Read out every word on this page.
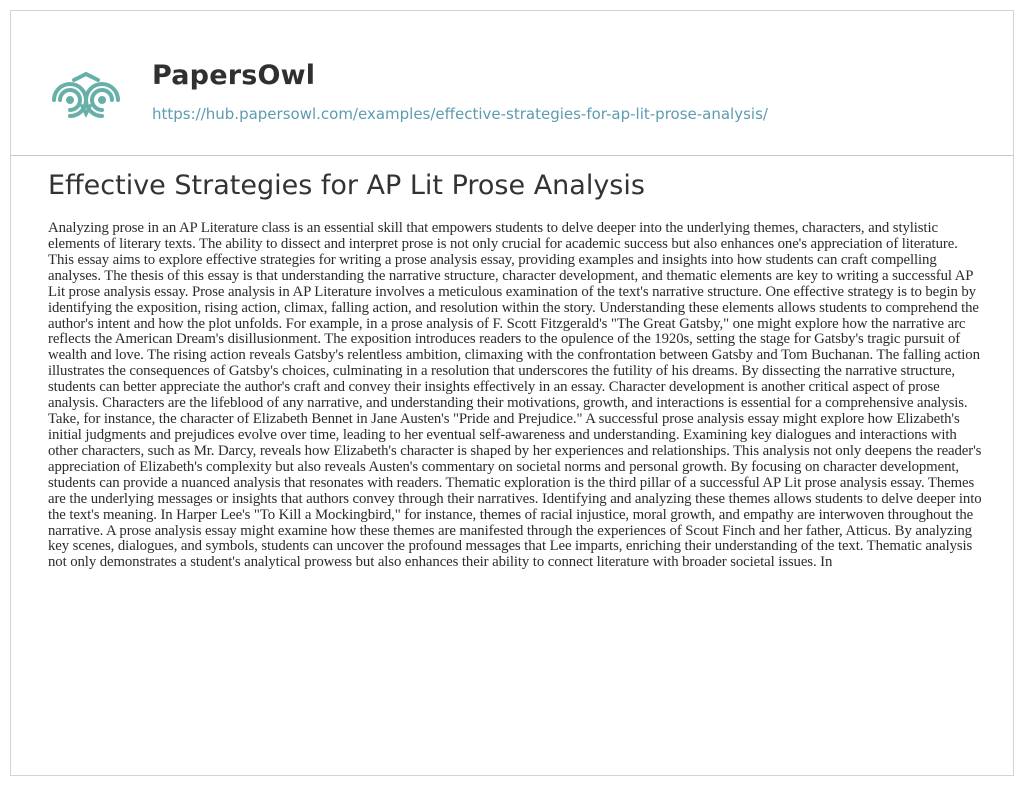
PapersOwl
https://hub.papersowl.com/examples/effective-strategies-for-ap-lit-prose-analysis/
Effective Strategies for AP Lit Prose Analysis

Analyzing prose in an AP Literature class is an essential skill that empowers students to delve deeper into the underlying themes, characters, and stylistic elements of literary texts. The ability to dissect and interpret prose is not only crucial for academic success but also enhances one's appreciation of literature. This essay aims to explore effective strategies for writing a prose analysis essay, providing examples and insights into how students can craft compelling analyses. The thesis of this essay is that understanding the narrative structure, character development, and thematic elements are key to writing a successful AP Lit prose analysis essay. Prose analysis in AP Literature involves a meticulous examination of the text's narrative structure. One effective strategy is to begin by identifying the exposition, rising action, climax, falling action, and resolution within the story. Understanding these elements allows students to comprehend the author's intent and how the plot unfolds. For example, in a prose analysis of F. Scott Fitzgerald's "The Great Gatsby," one might explore how the narrative arc reflects the American Dream's disillusionment. The exposition introduces readers to the opulence of the 1920s, setting the stage for Gatsby's tragic pursuit of wealth and love. The rising action reveals Gatsby's relentless ambition, climaxing with the confrontation between Gatsby and Tom Buchanan. The falling action illustrates the consequences of Gatsby's choices, culminating in a resolution that underscores the futility of his dreams. By dissecting the narrative structure, students can better appreciate the author's craft and convey their insights effectively in an essay. Character development is another critical aspect of prose analysis. Characters are the lifeblood of any narrative, and understanding their motivations, growth, and interactions is essential for a comprehensive analysis. Take, for instance, the character of Elizabeth Bennet in Jane Austen's "Pride and Prejudice." A successful prose analysis essay might explore how Elizabeth's initial judgments and prejudices evolve over time, leading to her eventual self-awareness and understanding. Examining key dialogues and interactions with other characters, such as Mr. Darcy, reveals how Elizabeth's character is shaped by her experiences and relationships. This analysis not only deepens the reader's appreciation of Elizabeth's complexity but also reveals Austen's commentary on societal norms and personal growth. By focusing on character development, students can provide a nuanced analysis that resonates with readers. Thematic exploration is the third pillar of a successful AP Lit prose analysis essay. Themes are the underlying messages or insights that authors convey through their narratives. Identifying and analyzing these themes allows students to delve deeper into the text's meaning. In Harper Lee's "To Kill a Mockingbird," for instance, themes of racial injustice, moral growth, and empathy are interwoven throughout the narrative. A prose analysis essay might examine how these themes are manifested through the experiences of Scout Finch and her father, Atticus. By analyzing key scenes, dialogues, and symbols, students can uncover the profound messages that Lee imparts, enriching their understanding of the text. Thematic analysis not only demonstrates a student's analytical prowess but also enhances their ability to connect literature with broader societal issues. In
